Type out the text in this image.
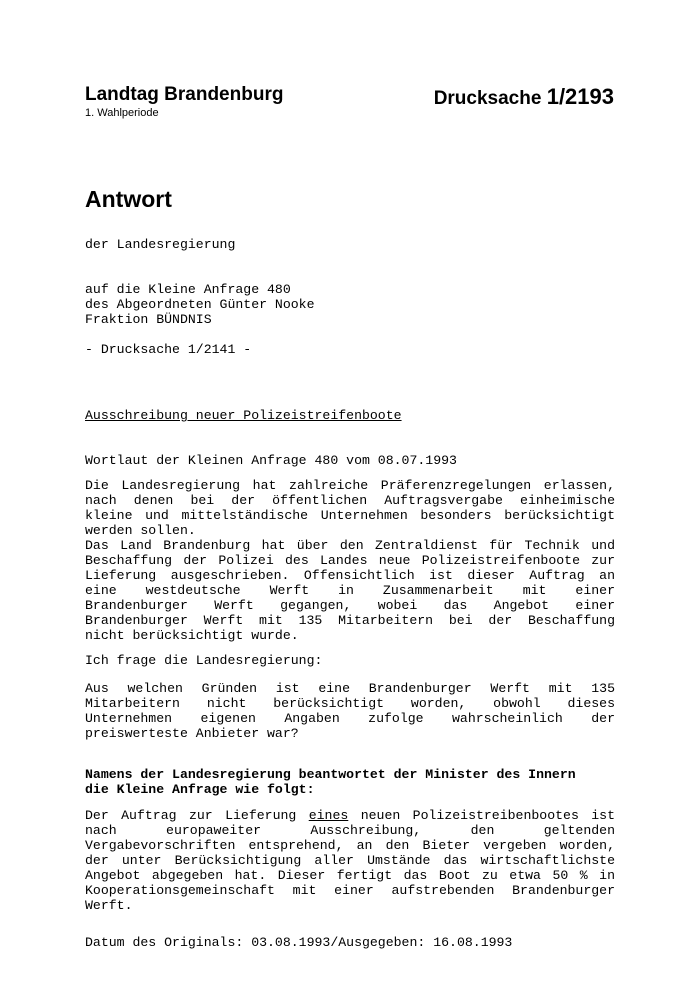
Landtag Brandenburg
1. Wahlperiode
Drucksache 1/2193
Antwort
der Landesregierung
auf die Kleine Anfrage 480
des Abgeordneten Günter Nooke
Fraktion BÜNDNIS
- Drucksache 1/2141 -
Ausschreibung neuer Polizeistreifenboote
Wortlaut der Kleinen Anfrage 480 vom 08.07.1993
Die Landesregierung hat zahlreiche Präferenzregelungen erlassen,
nach denen bei der öffentlichen Auftragsvergabe einheimische
kleine und mittelständische Unternehmen besonders berücksichtigt
werden sollen.
Das Land Brandenburg hat über den Zentraldienst für Technik und
Beschaffung der Polizei des Landes neue Polizeistreifenboote zur
Lieferung ausgeschrieben. Offensichtlich ist dieser Auftrag an
eine westdeutsche Werft in Zusammenarbeit mit einer
Brandenburger Werft gegangen, wobei das Angebot einer
Brandenburger Werft mit 135 Mitarbeitern bei der Beschaffung
nicht berücksichtigt wurde.
Ich frage die Landesregierung:
Aus welchen Gründen ist eine Brandenburger Werft mit 135
Mitarbeitern nicht berücksichtigt worden, obwohl dieses
Unternehmen eigenen Angaben zufolge wahrscheinlich der
preiswerteste Anbieter war?
Namens der Landesregierung beantwortet der Minister des Innern
die Kleine Anfrage wie folgt:
Der Auftrag zur Lieferung eines neuen Polizeistreibenbootes ist
nach europaweiter Ausschreibung, den geltenden
Vergabevorschriften entsprehend, an den Bieter vergeben worden,
der unter Berücksichtigung aller Umstände das wirtschaftlichste
Angebot abgegeben hat. Dieser fertigt das Boot zu etwa 50 % in
Kooperationsgemeinschaft mit einer aufstrebenden Brandenburger
Werft.
Datum des Originals: 03.08.1993/Ausgegeben: 16.08.1993
